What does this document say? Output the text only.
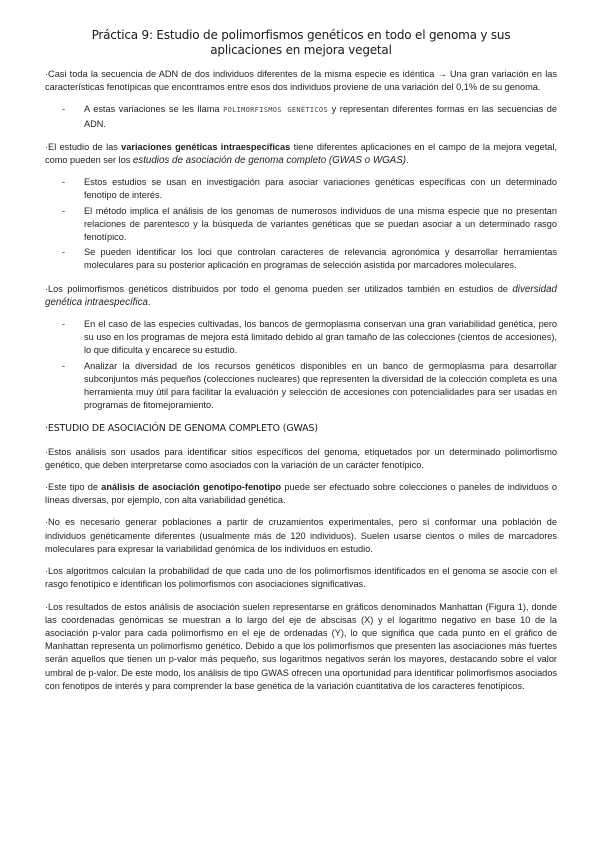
Práctica 9: Estudio de polimorfismos genéticos en todo el genoma y sus aplicaciones en mejora vegetal

·Casi toda la secuencia de ADN de dos individuos diferentes de la misma especie es idéntica → Una gran variación en las características fenotípicas que encontramos entre esos dos individuos proviene de una variación del 0,1% de su genoma.

- A estas variaciones se les llama POLIMORFISMOS GENÉTICOS y representan diferentes formas en las secuencias de ADN.

·El estudio de las variaciones genéticas intraespecíficas tiene diferentes aplicaciones en el campo de la mejora vegetal, como pueden ser los estudios de asociación de genoma completo (GWAS o WGAS).

- Estos estudios se usan en investigación para asociar variaciones genéticas específicas con un determinado fenotipo de interés.
- El método implica el análisis de los genomas de numerosos individuos de una misma especie que no presentan relaciones de parentesco y la búsqueda de variantes genéticas que se puedan asociar a un determinado rasgo fenotípico.
- Se pueden identificar los loci que controlan caracteres de relevancia agronómica y desarrollar herramientas moleculares para su posterior aplicación en programas de selección asistida por marcadores moleculares.

·Los polimorfismos genéticos distribuidos por todo el genoma pueden ser utilizados también en estudios de diversidad genética intraespecífica.

- En el caso de las especies cultivadas, los bancos de germoplasma conservan una gran variabilidad genética, pero su uso en los programas de mejora está limitado debido al gran tamaño de las colecciones (cientos de accesiones), lo que dificulta y encarece su estudio.
- Analizar la diversidad de los recursos genéticos disponibles en un banco de germoplasma para desarrollar subconjuntos más pequeños (colecciones nucleares) que representen la diversidad de la colección completa es una herramienta muy útil para facilitar la evaluación y selección de accesiones con potencialidades para ser usadas en programas de fitomejoramiento.
·ESTUDIO DE ASOCIACIÓN DE GENOMA COMPLETO (GWAS)

·Estos análisis son usados para identificar sitios específicos del genoma, etiquetados por un determinado polimorfismo genético, que deben interpretarse como asociados con la variación de un carácter fenotípico.

·Este tipo de análisis de asociación genotipo-fenotipo puede ser efectuado sobre colecciones o paneles de individuos o líneas diversas, por ejemplo, con alta variabilidad genética.

·No es necesario generar poblaciones a partir de cruzamientos experimentales, pero sí conformar una población de individuos genéticamente diferentes (usualmente más de 120 individuos). Suelen usarse cientos o miles de marcadores moleculares para expresar la variabilidad genómica de los individuos en estudio.

·Los algoritmos calculan la probabilidad de que cada uno de los polimorfismos identificados en el genoma se asocie con el rasgo fenotípico e identifican los polimorfismos con asociaciones significativas.

·Los resultados de estos análisis de asociación suelen representarse en gráficos denominados Manhattan (Figura 1), donde las coordenadas genómicas se muestran a lo largo del eje de abscisas (X) y el logaritmo negativo en base 10 de la asociación p-valor para cada polimorfismo en el eje de ordenadas (Y), lo que significa que cada punto en el gráfico de Manhattan representa un polimorfismo genético. Debido a que los polimorfismos que presenten las asociaciones más fuertes serán aquellos que tienen un p-valor más pequeño, sus logaritmos negativos serán los mayores, destacando sobre el valor umbral de p-valor. De este modo, los análisis de tipo GWAS ofrecen una oportunidad para identificar polimorfismos asociados con fenotipos de interés y para comprender la base genética de la variación cuantitativa de los caracteres fenotípicos.
